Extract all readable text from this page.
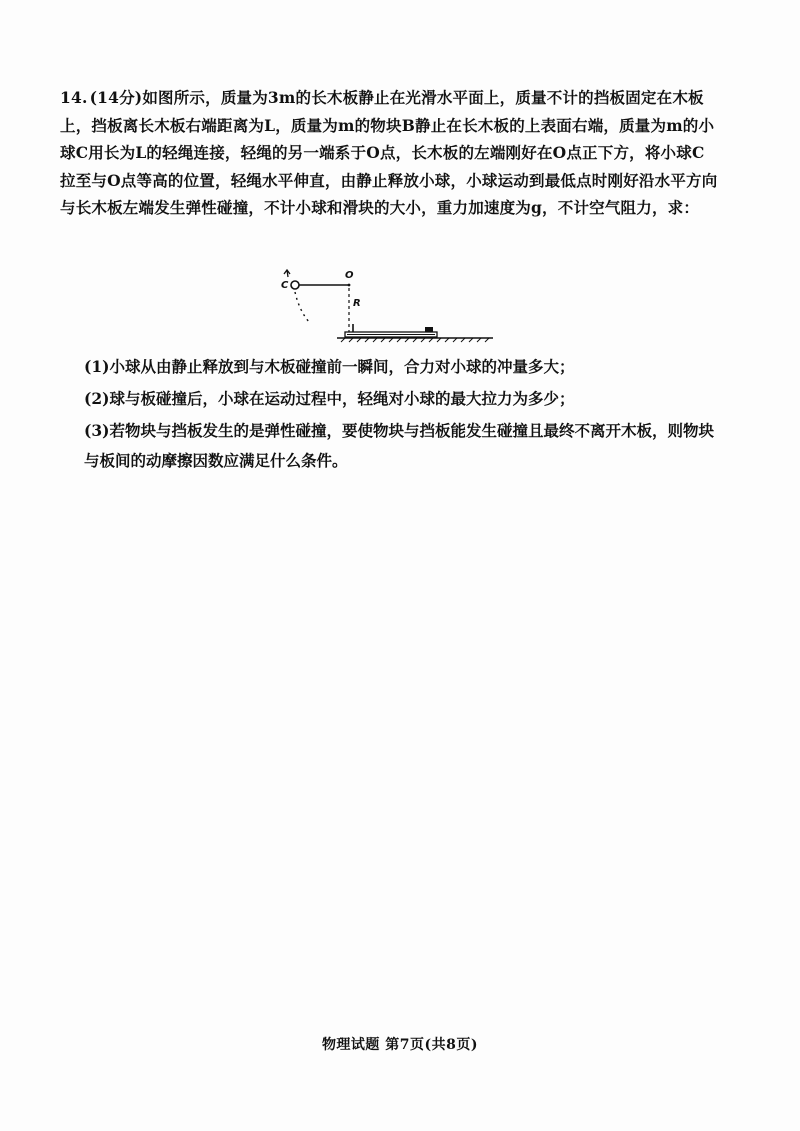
14. (14分)如图所示，质量为3m的长木板静止在光滑水平面上，质量不计的挡板固定在木板上，挡板离长木板右端距离为L，质量为m的物块B静止在长木板的上表面右端，质量为m的小球C用长为L的轻绳连接，轻绳的另一端系于O点，长木板的左端刚好在O点正下方，将小球C拉至与O点等高的位置，轻绳水平伸直，由静止释放小球，小球运动到最低点时刚好沿水平方向与长木板左端发生弹性碰撞，不计小球和滑块的大小，重力加速度为g，不计空气阻力，求：
C
O
R
(1)小球从由静止释放到与木板碰撞前一瞬间，合力对小球的冲量多大；
(2)球与板碰撞后，小球在运动过程中，轻绳对小球的最大拉力为多少；
(3)若物块与挡板发生的是弹性碰撞，要使物块与挡板能发生碰撞且最终不离开木板，则物块与板间的动摩擦因数应满足什么条件。
物理试题 第7页(共8页)
